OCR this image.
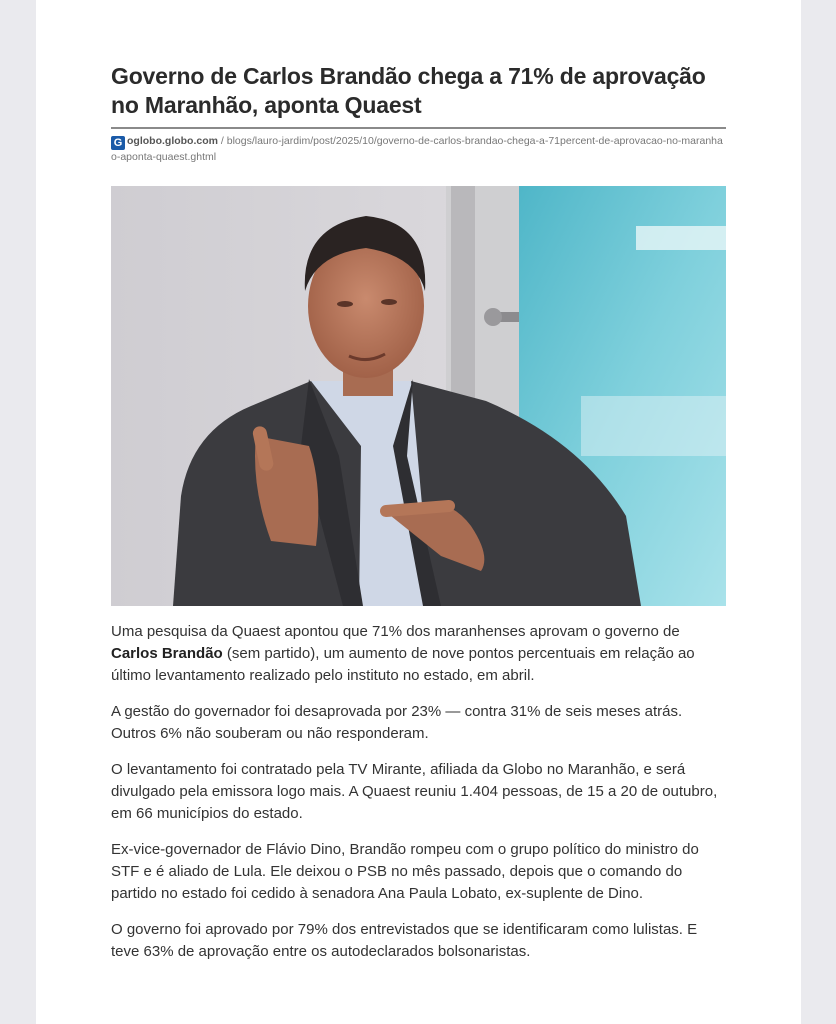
Governo de Carlos Brandão chega a 71% de aprovação no Maranhão, aponta Quaest
G oglobo.globo.com / blogs/lauro-jardim/post/2025/10/governo-de-carlos-brandao-chega-a-71percent-de-aprovacao-no-maranhao-aponta-quaest.ghtml

Uma pesquisa da Quaest apontou que 71% dos maranhenses aprovam o governo de Carlos Brandão (sem partido), um aumento de nove pontos percentuais em relação ao último levantamento realizado pelo instituto no estado, em abril.

A gestão do governador foi desaprovada por 23% — contra 31% de seis meses atrás. Outros 6% não souberam ou não responderam.

O levantamento foi contratado pela TV Mirante, afiliada da Globo no Maranhão, e será divulgado pela emissora logo mais. A Quaest reuniu 1.404 pessoas, de 15 a 20 de outubro, em 66 municípios do estado.

Ex-vice-governador de Flávio Dino, Brandão rompeu com o grupo político do ministro do STF e é aliado de Lula. Ele deixou o PSB no mês passado, depois que o comando do partido no estado foi cedido à senadora Ana Paula Lobato, ex-suplente de Dino.

O governo foi aprovado por 79% dos entrevistados que se identificaram como lulistas. E teve 63% de aprovação entre os autodeclarados bolsonaristas.
